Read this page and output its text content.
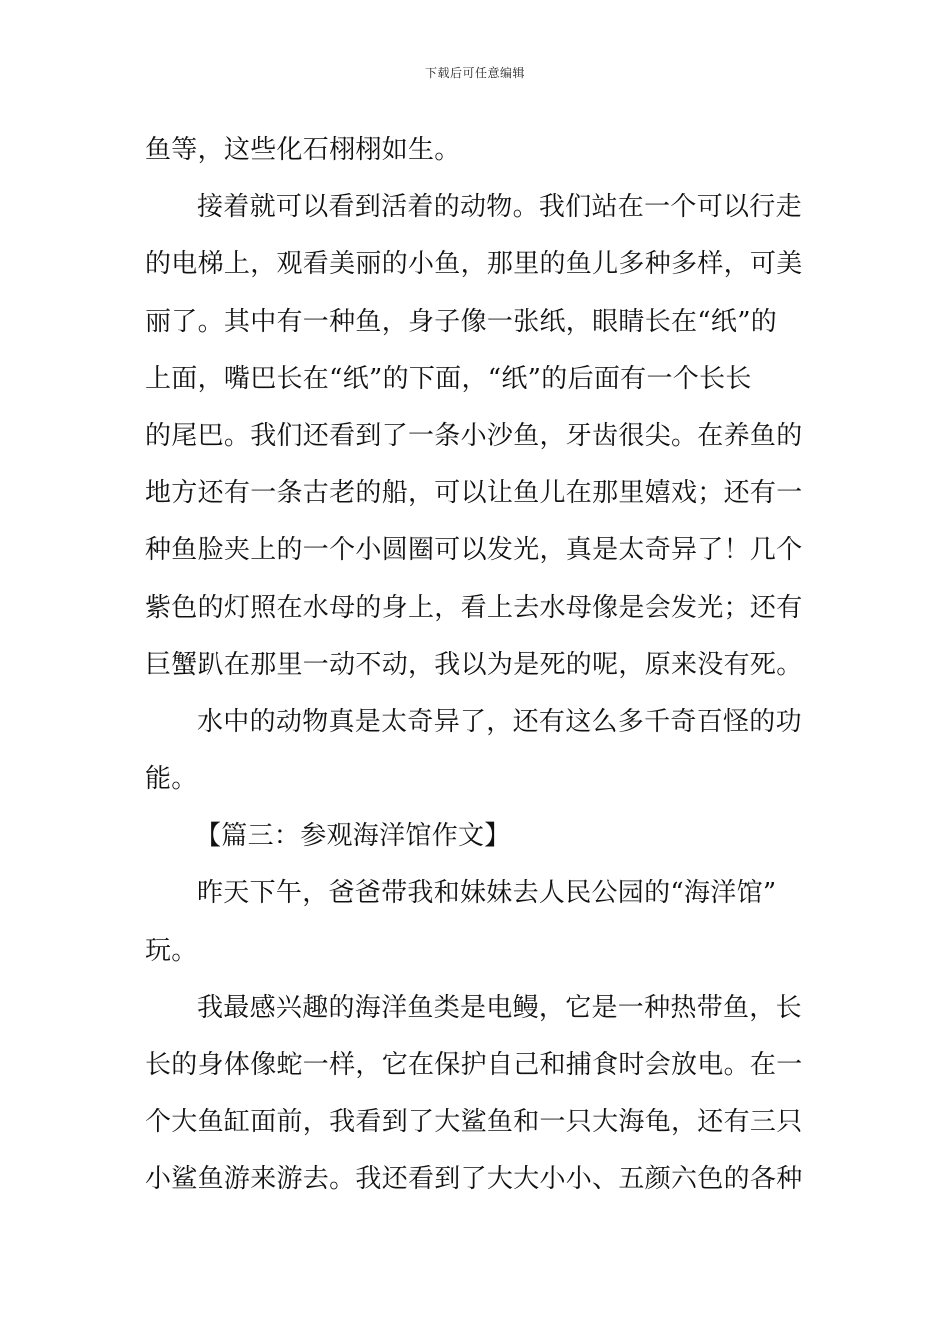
下载后可任意编辑
鱼等，这些化石栩栩如生。
接着就可以看到活着的动物。我们站在一个可以行走
的电梯上，观看美丽的小鱼，那里的鱼儿多种多样，可美
丽了。其中有一种鱼，身子像一张纸，眼睛长在“纸”的
上面，嘴巴长在“纸”的下面，“纸”的后面有一个长长
的尾巴。我们还看到了一条小沙鱼，牙齿很尖。在养鱼的
地方还有一条古老的船，可以让鱼儿在那里嬉戏；还有一
种鱼脸夹上的一个小圆圈可以发光，真是太奇异了！几个
紫色的灯照在水母的身上，看上去水母像是会发光；还有
巨蟹趴在那里一动不动，我以为是死的呢，原来没有死。
水中的动物真是太奇异了，还有这么多千奇百怪的功
能。
【篇三：参观海洋馆作文】
昨天下午，爸爸带我和妹妹去人民公园的“海洋馆”
玩。
我最感兴趣的海洋鱼类是电鳗，它是一种热带鱼，长
长的身体像蛇一样，它在保护自己和捕食时会放电。在一
个大鱼缸面前，我看到了大鲨鱼和一只大海龟，还有三只
小鲨鱼游来游去。我还看到了大大小小、五颜六色的各种
